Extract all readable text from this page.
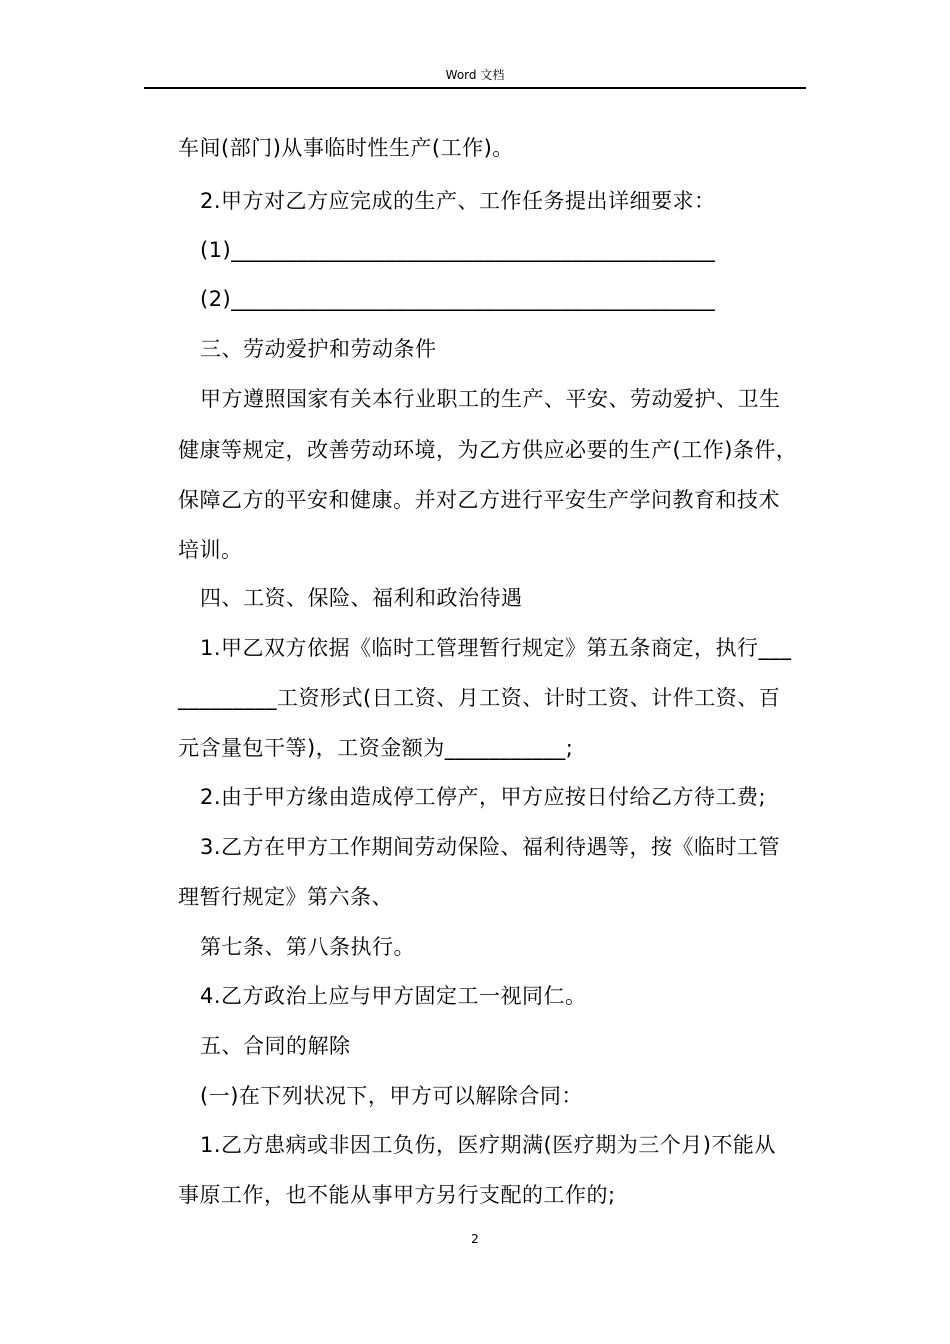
Word 文档
车间(部门)从事临时性生产(工作)。
2.甲方对乙方应完成的生产、工作任务提出详细要求：
(1)____________________________________________
(2)____________________________________________
三、劳动爱护和劳动条件
甲方遵照国家有关本行业职工的生产、平安、劳动爱护、卫生
健康等规定，改善劳动环境，为乙方供应必要的生产(工作)条件，
保障乙方的平安和健康。并对乙方进行平安生产学问教育和技术
培训。
四、工资、保险、福利和政治待遇
1.甲乙双方依据《临时工管理暂行规定》第五条商定，执行___
_________工资形式(日工资、月工资、计时工资、计件工资、百
元含量包干等)，工资金额为___________;
2.由于甲方缘由造成停工停产，甲方应按日付给乙方待工费;
3.乙方在甲方工作期间劳动保险、福利待遇等，按《临时工管
理暂行规定》第六条、
第七条、第八条执行。
4.乙方政治上应与甲方固定工一视同仁。
五、合同的解除
(一)在下列状况下，甲方可以解除合同：
1.乙方患病或非因工负伤，医疗期满(医疗期为三个月)不能从
事原工作，也不能从事甲方另行支配的工作的;
2
